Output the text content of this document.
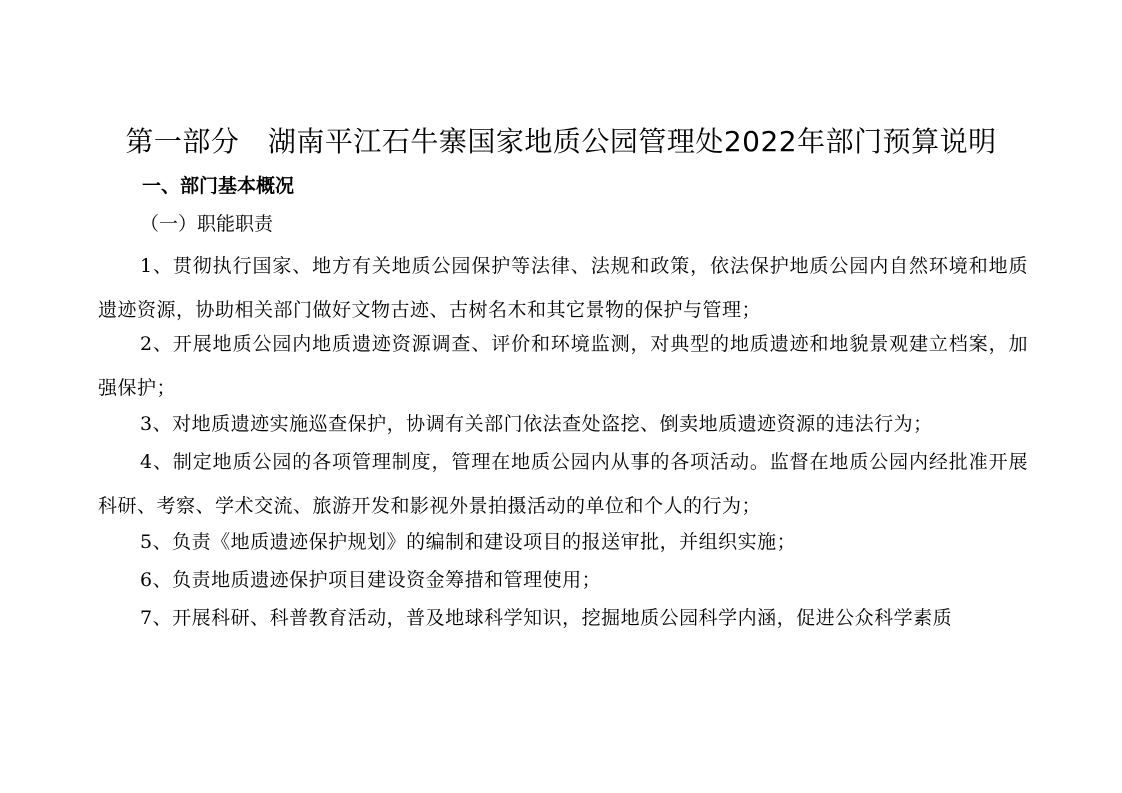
第一部分　湖南平江石牛寨国家地质公园管理处2022年部门预算说明
一、部门基本概况
（一）职能职责
1、贯彻执行国家、地方有关地质公园保护等法律、法规和政策，依法保护地质公园内自然环境和地质遗迹资源，协助相关部门做好文物古迹、古树名木和其它景物的保护与管理；
2、开展地质公园内地质遗迹资源调查、评价和环境监测，对典型的地质遗迹和地貌景观建立档案，加强保护；
3、对地质遗迹实施巡查保护，协调有关部门依法查处盗挖、倒卖地质遗迹资源的违法行为；
4、制定地质公园的各项管理制度，管理在地质公园内从事的各项活动。监督在地质公园内经批准开展科研、考察、学术交流、旅游开发和影视外景拍摄活动的单位和个人的行为；
5、负责《地质遗迹保护规划》的编制和建设项目的报送审批，并组织实施；
6、负责地质遗迹保护项目建设资金筹措和管理使用；
7、开展科研、科普教育活动，普及地球科学知识，挖掘地质公园科学内涵，促进公众科学素质
